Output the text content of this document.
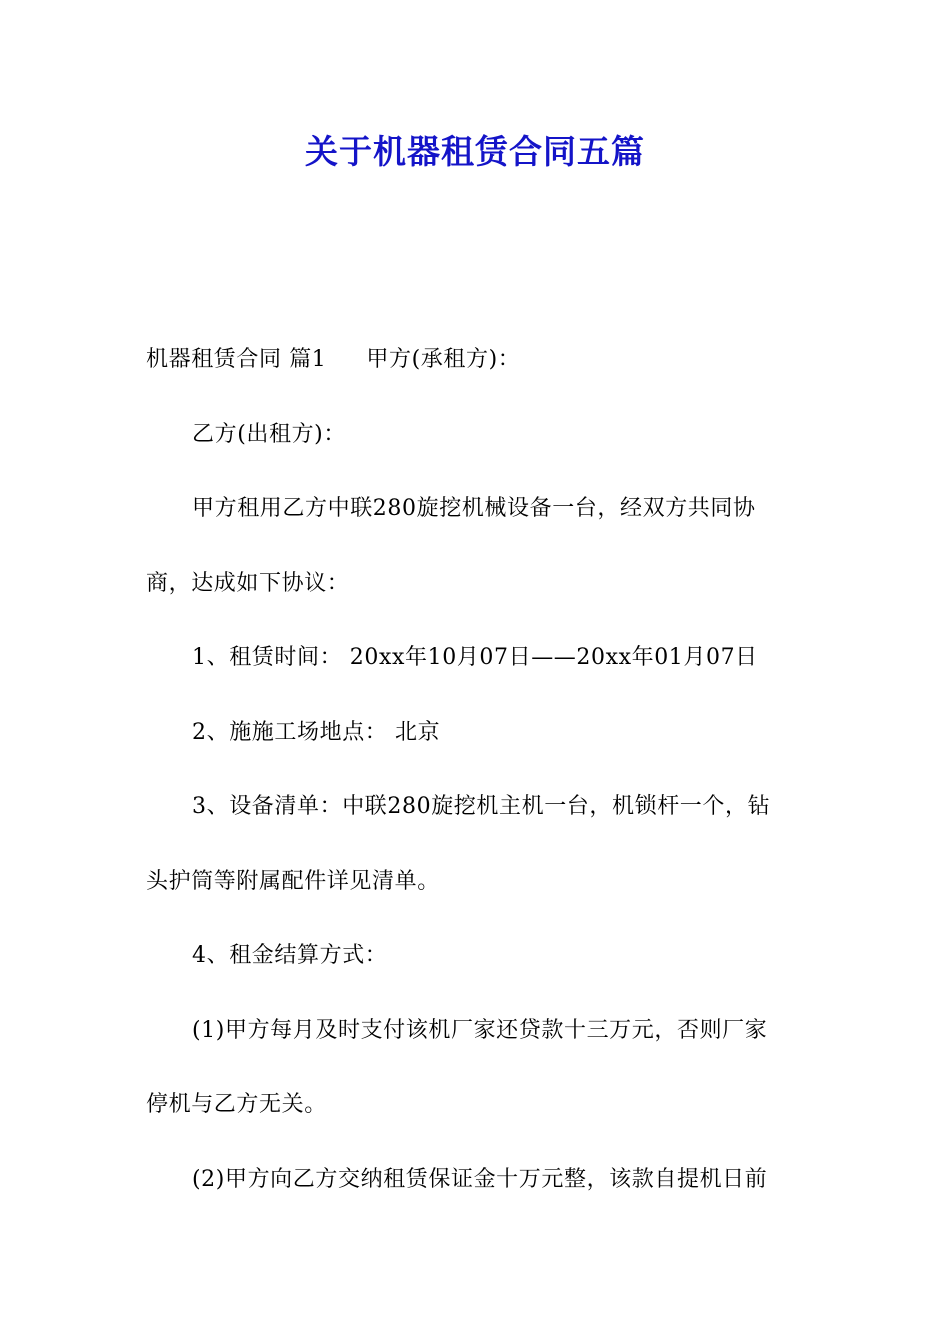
关于机器租赁合同五篇
机器租赁合同 篇1 甲方(承租方)：
乙方(出租方)：
甲方租用乙方中联280旋挖机械设备一台，经双方共同协
商，达成如下协议：
1、租赁时间： 20xx年10月07日——20xx年01月07日
2、施施工场地点： 北京
3、设备清单：中联280旋挖机主机一台，机锁杆一个，钻
头护筒等附属配件详见清单。
4、租金结算方式：
(1)甲方每月及时支付该机厂家还贷款十三万元，否则厂家
停机与乙方无关。
(2)甲方向乙方交纳租赁保证金十万元整，该款自提机日前
